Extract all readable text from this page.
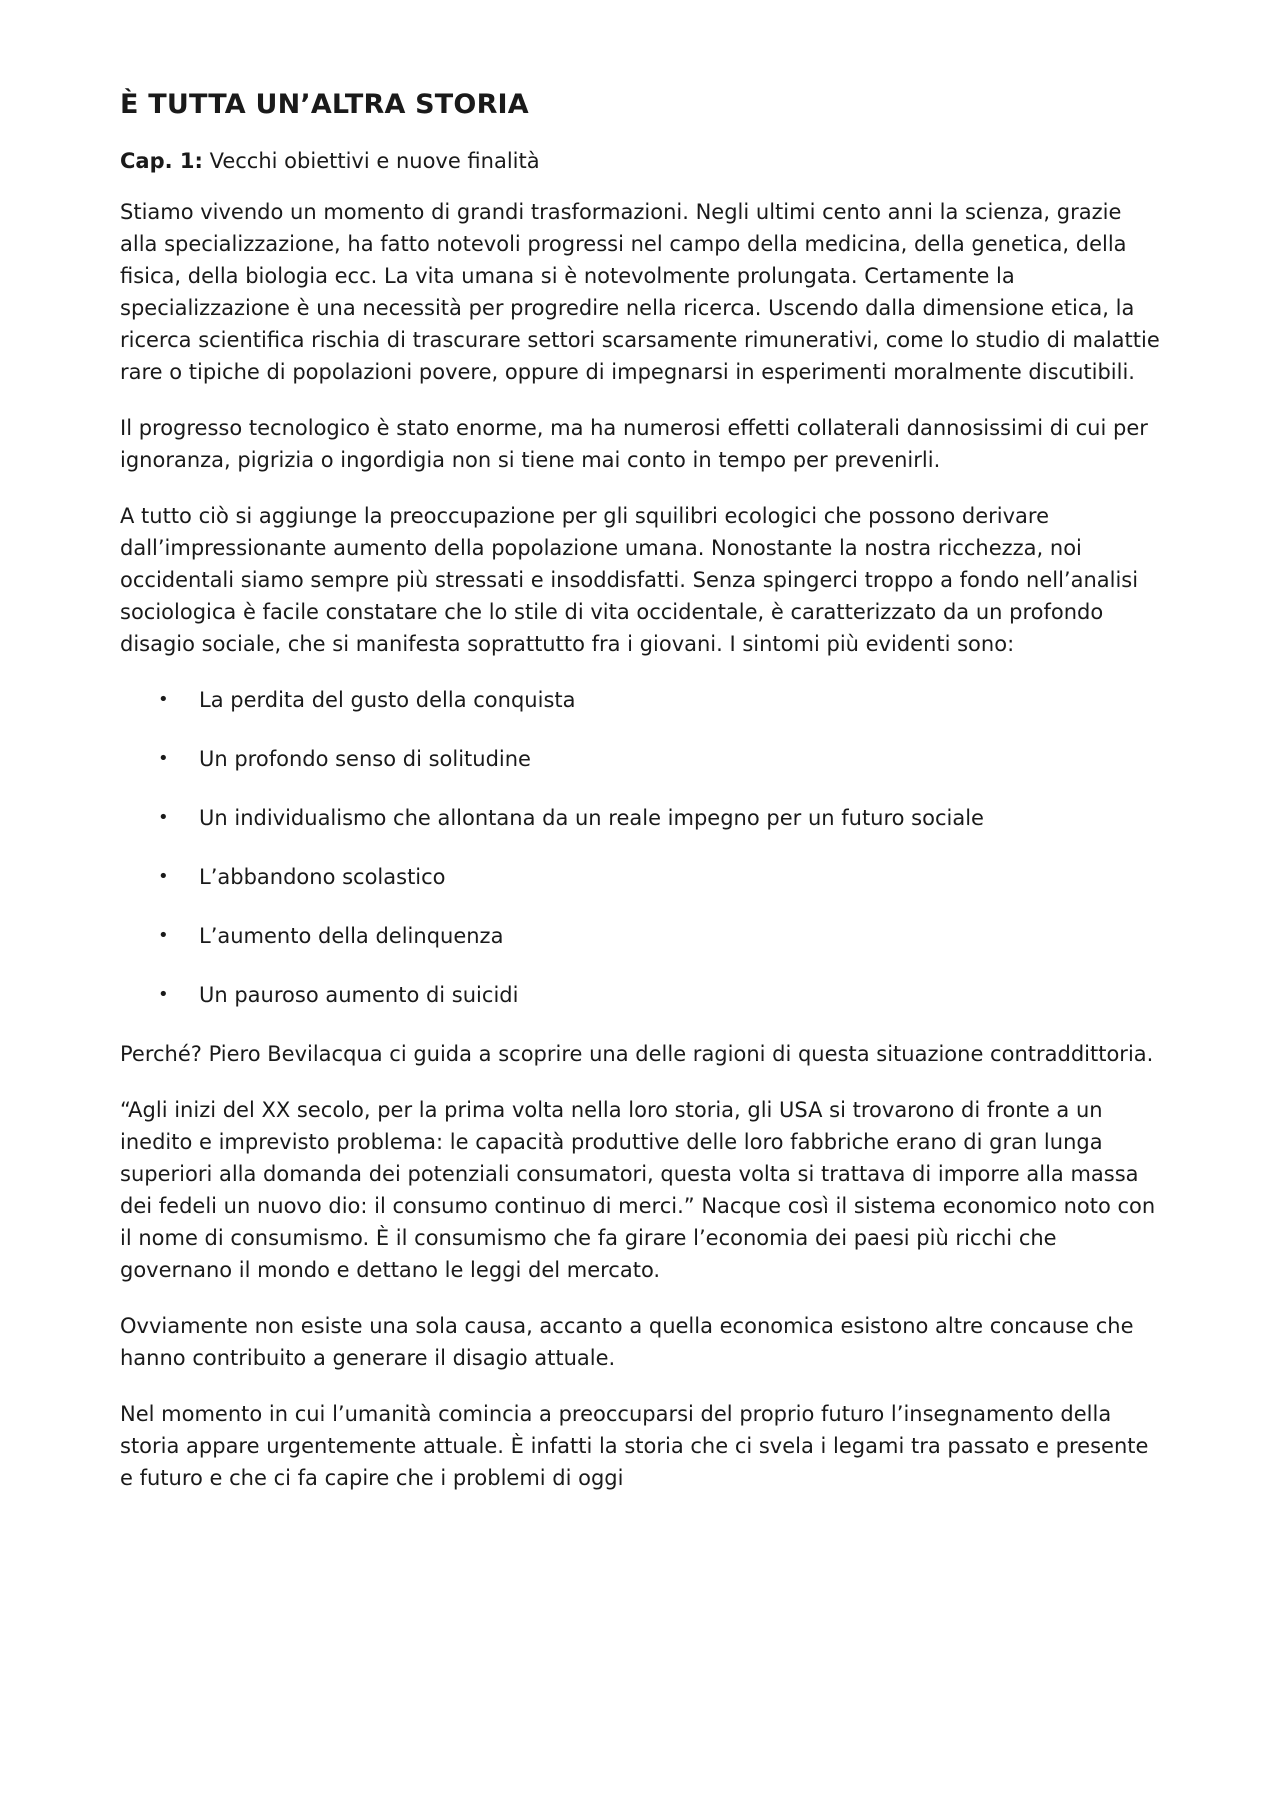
È TUTTA UN’ALTRA STORIA

Cap. 1: Vecchi obiettivi e nuove finalità

Stiamo vivendo un momento di grandi trasformazioni. Negli ultimi cento anni la scienza, grazie alla specializzazione, ha fatto notevoli progressi nel campo della medicina, della genetica, della fisica, della biologia ecc. La vita umana si è notevolmente prolungata. Certamente la specializzazione è una necessità per progredire nella ricerca. Uscendo dalla dimensione etica, la ricerca scientifica rischia di trascurare settori scarsamente rimunerativi, come lo studio di malattie rare o tipiche di popolazioni povere, oppure di impegnarsi in esperimenti moralmente discutibili.

Il progresso tecnologico è stato enorme, ma ha numerosi effetti collaterali dannosissimi di cui per ignoranza, pigrizia o ingordigia non si tiene mai conto in tempo per prevenirli.

A tutto ciò si aggiunge la preoccupazione per gli squilibri ecologici che possono derivare dall’impressionante aumento della popolazione umana. Nonostante la nostra ricchezza, noi occidentali siamo sempre più stressati e insoddisfatti. Senza spingerci troppo a fondo nell’analisi sociologica è facile constatare che lo stile di vita occidentale, è caratterizzato da un profondo disagio sociale, che si manifesta soprattutto fra i giovani. I sintomi più evidenti sono:

• La perdita del gusto della conquista
• Un profondo senso di solitudine
• Un individualismo che allontana da un reale impegno per un futuro sociale
• L’abbandono scolastico
• L’aumento della delinquenza
• Un pauroso aumento di suicidi

Perché? Piero Bevilacqua ci guida a scoprire una delle ragioni di questa situazione contraddittoria.

“Agli inizi del XX secolo, per la prima volta nella loro storia, gli USA si trovarono di fronte a un inedito e imprevisto problema: le capacità produttive delle loro fabbriche erano di gran lunga superiori alla domanda dei potenziali consumatori, questa volta si trattava di imporre alla massa dei fedeli un nuovo dio: il consumo continuo di merci.” Nacque così il sistema economico noto con il nome di consumismo. È il consumismo che fa girare l’economia dei paesi più ricchi che governano il mondo e dettano le leggi del mercato.

Ovviamente non esiste una sola causa, accanto a quella economica esistono altre concause che hanno contribuito a generare il disagio attuale.

Nel momento in cui l’umanità comincia a preoccuparsi del proprio futuro l’insegnamento della storia appare urgentemente attuale. È infatti la storia che ci svela i legami tra passato e presente e futuro e che ci fa capire che i problemi di oggi
